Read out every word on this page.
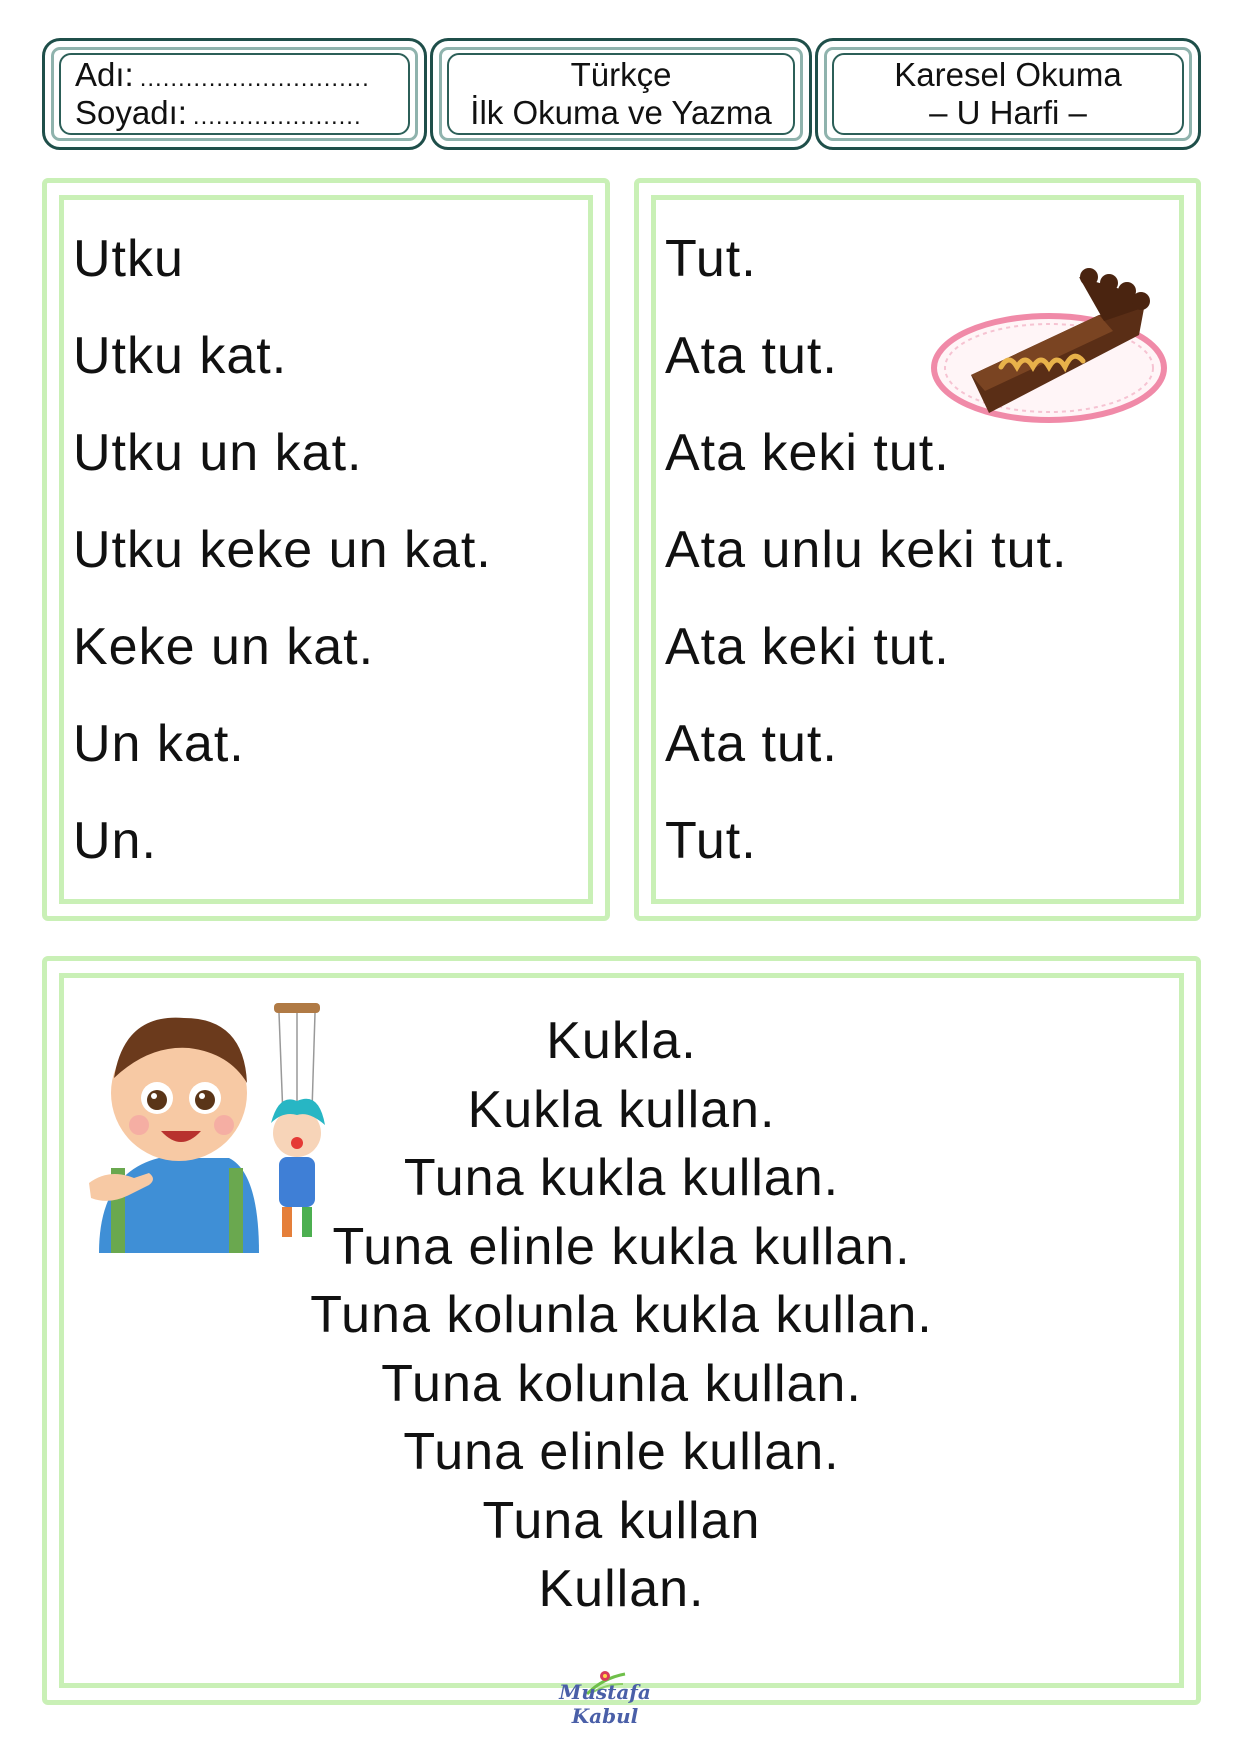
Adı: ..............................
Soyadı: ......................
Türkçe
İlk Okuma ve Yazma
Karesel Okuma
– U Harfi –
Utku
Utku kat.
Utku un kat.
Utku keke un kat.
Keke un kat.
Un kat.
Un.
Tut.
Ata tut.
Ata keki tut.
Ata unlu keki tut.
Ata keki tut.
Ata tut.
Tut.
Kukla.
Kukla kullan.
Tuna kukla kullan.
Tuna elinle kukla kullan.
Tuna kolunla kukla kullan.
Tuna kolunla kullan.
Tuna elinle kullan.
Tuna kullan
Kullan.
Mustafa Kabul
